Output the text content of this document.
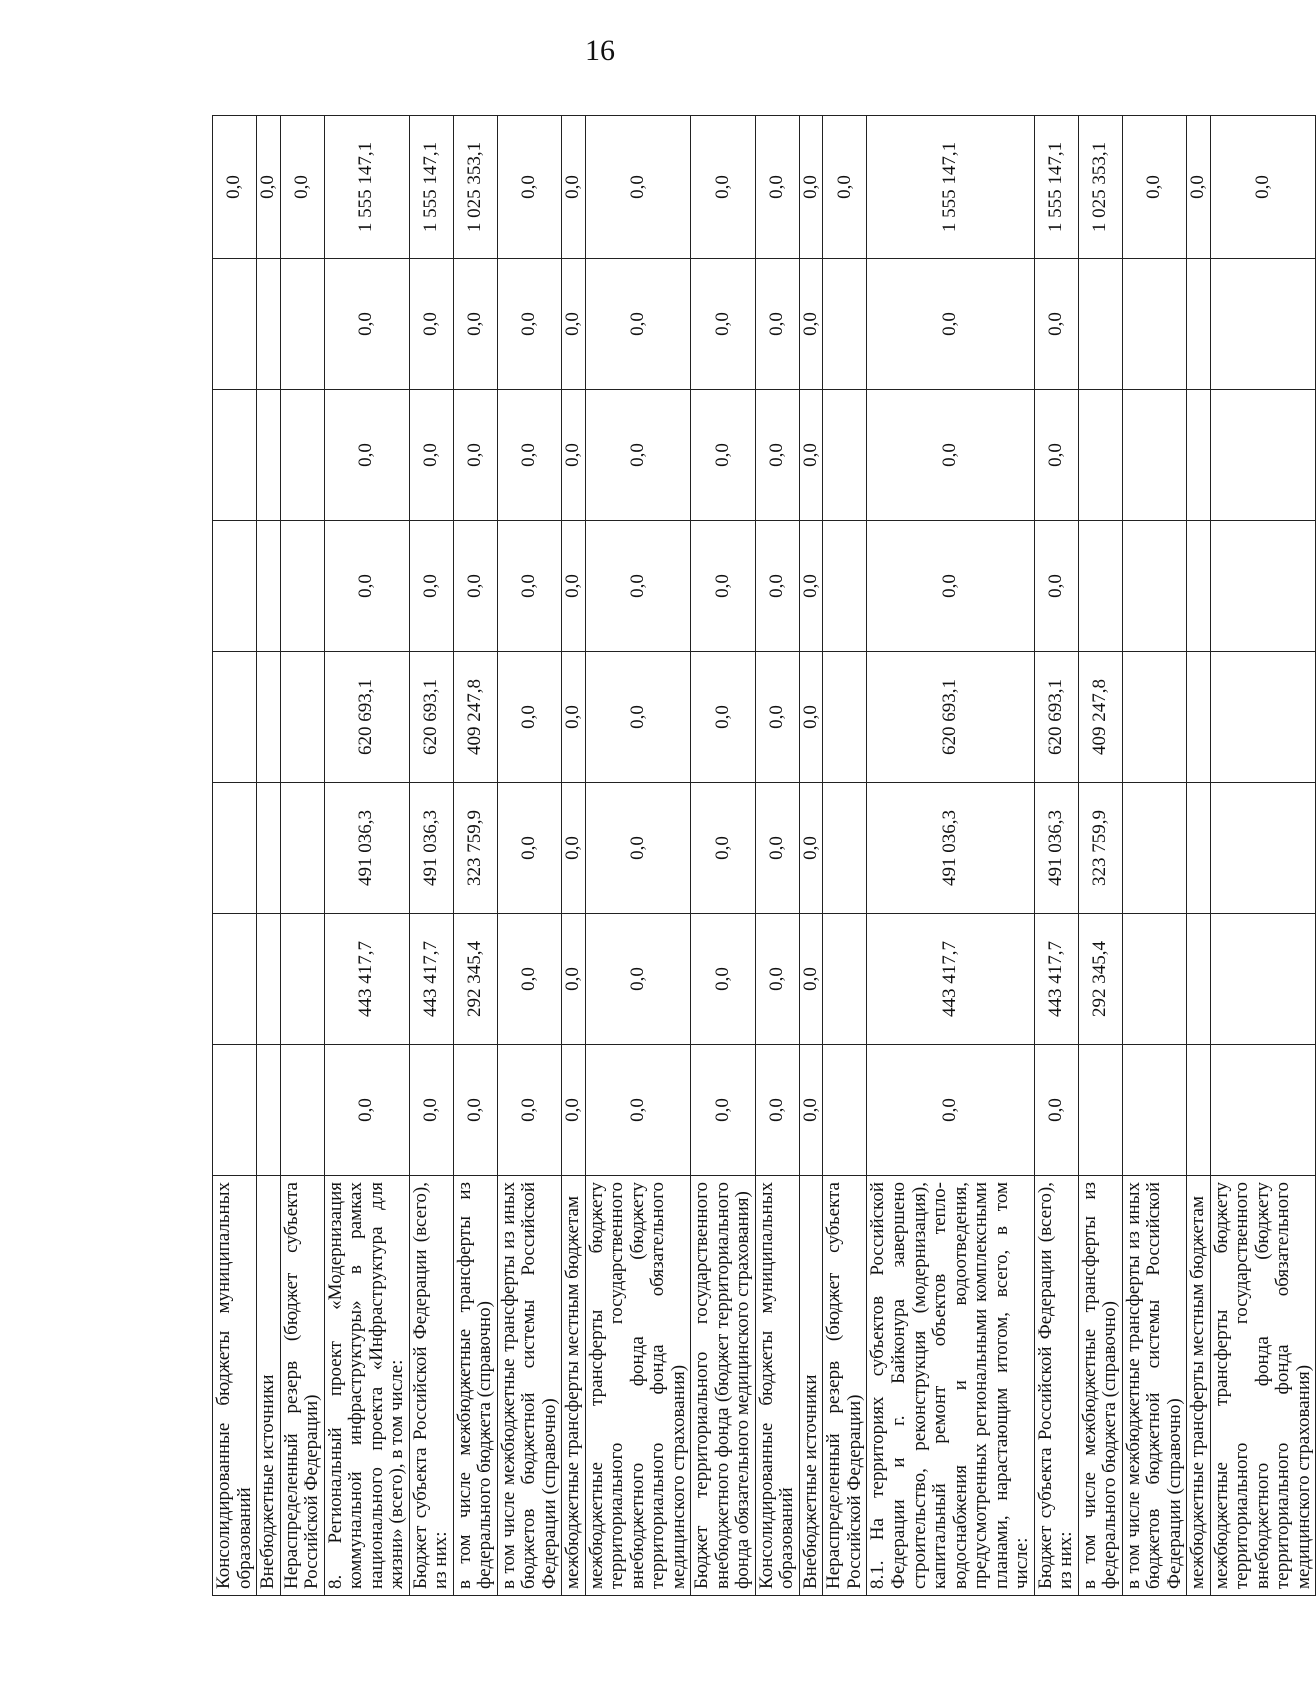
16
Консолидированные бюджеты муниципальных образований								0,0
Внебюджетные источники								0,0
Нераспределенный резерв (бюджет субъекта Российской Федерации)								0,0
8. Региональный проект «Модернизация коммунальной инфраструктуры» в рамках национального проекта «Инфраструктура для жизни» (всего), в том числе:	0,0	443 417,7	491 036,3	620 693,1	0,0	0,0	0,0	1 555 147,1
Бюджет субъекта Российской Федерации (всего), из них:	0,0	443 417,7	491 036,3	620 693,1	0,0	0,0	0,0	1 555 147,1
в том числе межбюджетные трансферты из федерального бюджета (справочно)	0,0	292 345,4	323 759,9	409 247,8	0,0	0,0	0,0	1 025 353,1
в том числе межбюджетные трансферты из иных бюджетов бюджетной системы Российской Федерации (справочно)	0,0	0,0	0,0	0,0	0,0	0,0	0,0	0,0
межбюджетные трансферты местным бюджетам	0,0	0,0	0,0	0,0	0,0	0,0	0,0	0,0
межбюджетные трансферты бюджету территориального государственного внебюджетного фонда (бюджету территориального фонда обязательного медицинского страхования)	0,0	0,0	0,0	0,0	0,0	0,0	0,0	0,0
Бюджет территориального государственного внебюджетного фонда (бюджет территориального фонда обязательного медицинского страхования)	0,0	0,0	0,0	0,0	0,0	0,0	0,0	0,0
Консолидированные бюджеты муниципальных образований	0,0	0,0	0,0	0,0	0,0	0,0	0,0	0,0
Внебюджетные источники	0,0	0,0	0,0	0,0	0,0	0,0	0,0	0,0
Нераспределенный резерв (бюджет субъекта Российской Федерации)								0,0
8.1. На территориях субъектов Российской Федерации и г. Байконура завершено строительство, реконструкция (модернизация), капитальный ремонт объектов тепло-водоснабжения и водоотведения, предусмотренных региональными комплексными планами, нарастающим итогом, всего, в том числе:	0,0	443 417,7	491 036,3	620 693,1	0,0	0,0	0,0	1 555 147,1
Бюджет субъекта Российской Федерации (всего), из них:	0,0	443 417,7	491 036,3	620 693,1	0,0	0,0	0,0	1 555 147,1
в том числе межбюджетные трансферты из федерального бюджета (справочно)		292 345,4	323 759,9	409 247,8				1 025 353,1
в том числе межбюджетные трансферты из иных бюджетов бюджетной системы Российской Федерации (справочно)								0,0
межбюджетные трансферты местным бюджетам								0,0
межбюджетные трансферты бюджету территориального государственного внебюджетного фонда (бюджету территориального фонда обязательного медицинского страхования)								0,0
